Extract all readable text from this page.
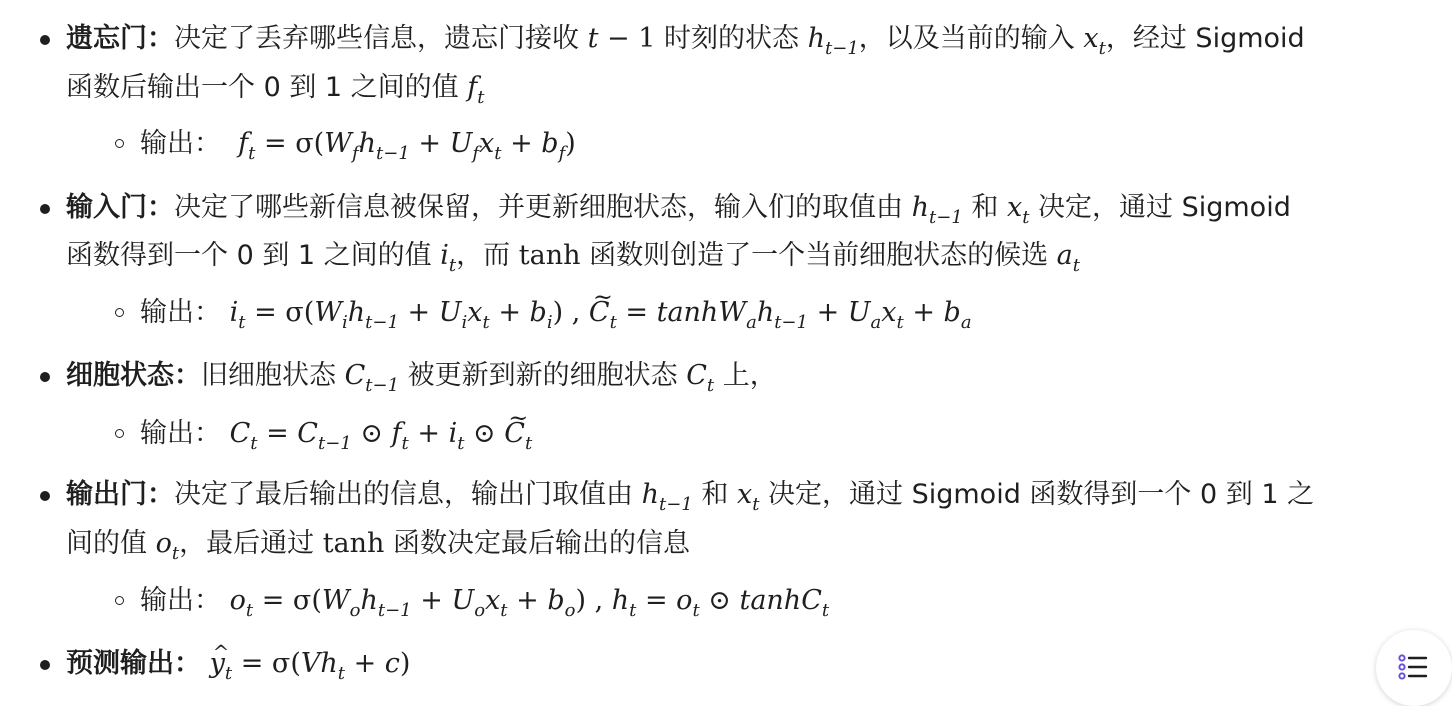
遗忘门：决定了丢弃哪些信息，遗忘门接收 t − 1 时刻的状态 $h_{t-1}$，以及当前的输入 $x_t$，经过 Sigmoid
函数后输出一个 0 到 1 之间的值 $f_t$
输出：  $f_t = \sigma(W_fh_{t-1} + U_fx_t + b_f)$
输入门：决定了哪些新信息被保留，并更新细胞状态，输入们的取值由 $h_{t-1}$ 和 $x_t$ 决定，通过 Sigmoid
函数得到一个 0 到 1 之间的值 $i_t$，而 tanh 函数则创造了一个当前细胞状态的候选 $a_t$
输出： $i_t = \sigma(W_ih_{t-1} + U_ix_t + b_i)$ , ~ $C_t = \tanh W_ah_{t-1} + U_ax_t + b_a$
细胞状态：旧细胞状态 $C_{t-1}$ 被更新到新的细胞状态 $C_t$ 上，
输出： $C_t = C_{t-1}$ ⊙ $f_t + i_t$ ⊙ ~ $C_t$
输出门：决定了最后输出的信息，输出门取值由 $h_{t-1}$ 和 $x_t$ 决定，通过 Sigmoid 函数得到一个 0 到 1 之
间的值 $o_t$，最后通过 tanh 函数决定最后输出的信息
输出： $o_t = \sigma(W_oh_{t-1} + U_ox_t + b_o)$ , $h_t = o_t$ ⊙ tanhC$_t$
预测输出： ^ $y_t = \sigma(Vh_t + c)$
